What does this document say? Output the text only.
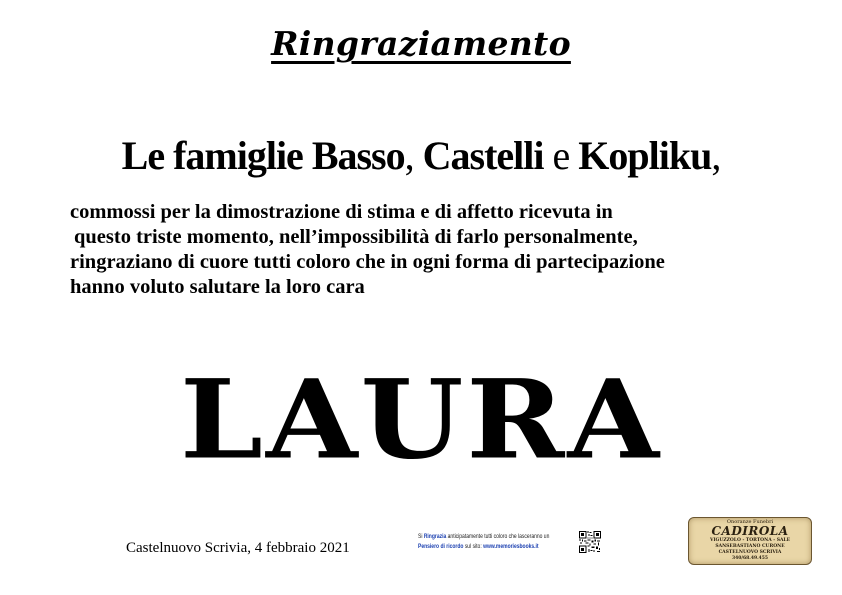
Ringraziamento
Le famiglie Basso, Castelli e Kopliku,
commossi per la dimostrazione di stima e di affetto ricevuta in
questo triste momento, nell’impossibilità di farlo personalmente,
ringraziano di cuore tutti coloro che in ogni forma di partecipazione
hanno voluto salutare la loro cara
LAURA
Castelnuovo Scrivia, 4 febbraio 2021
Si Ringrazia anticipatamente tutti coloro che lasceranno un
Pensiero di ricordo sul sito: www.memoriesbooks.it
Onoranze Funebri
CADIROLA
VIGUZZOLO - TORTONA - SALE
SANSEBASTIANO CURONE
CASTELNUOVO SCRIVIA
340/68.49.455
